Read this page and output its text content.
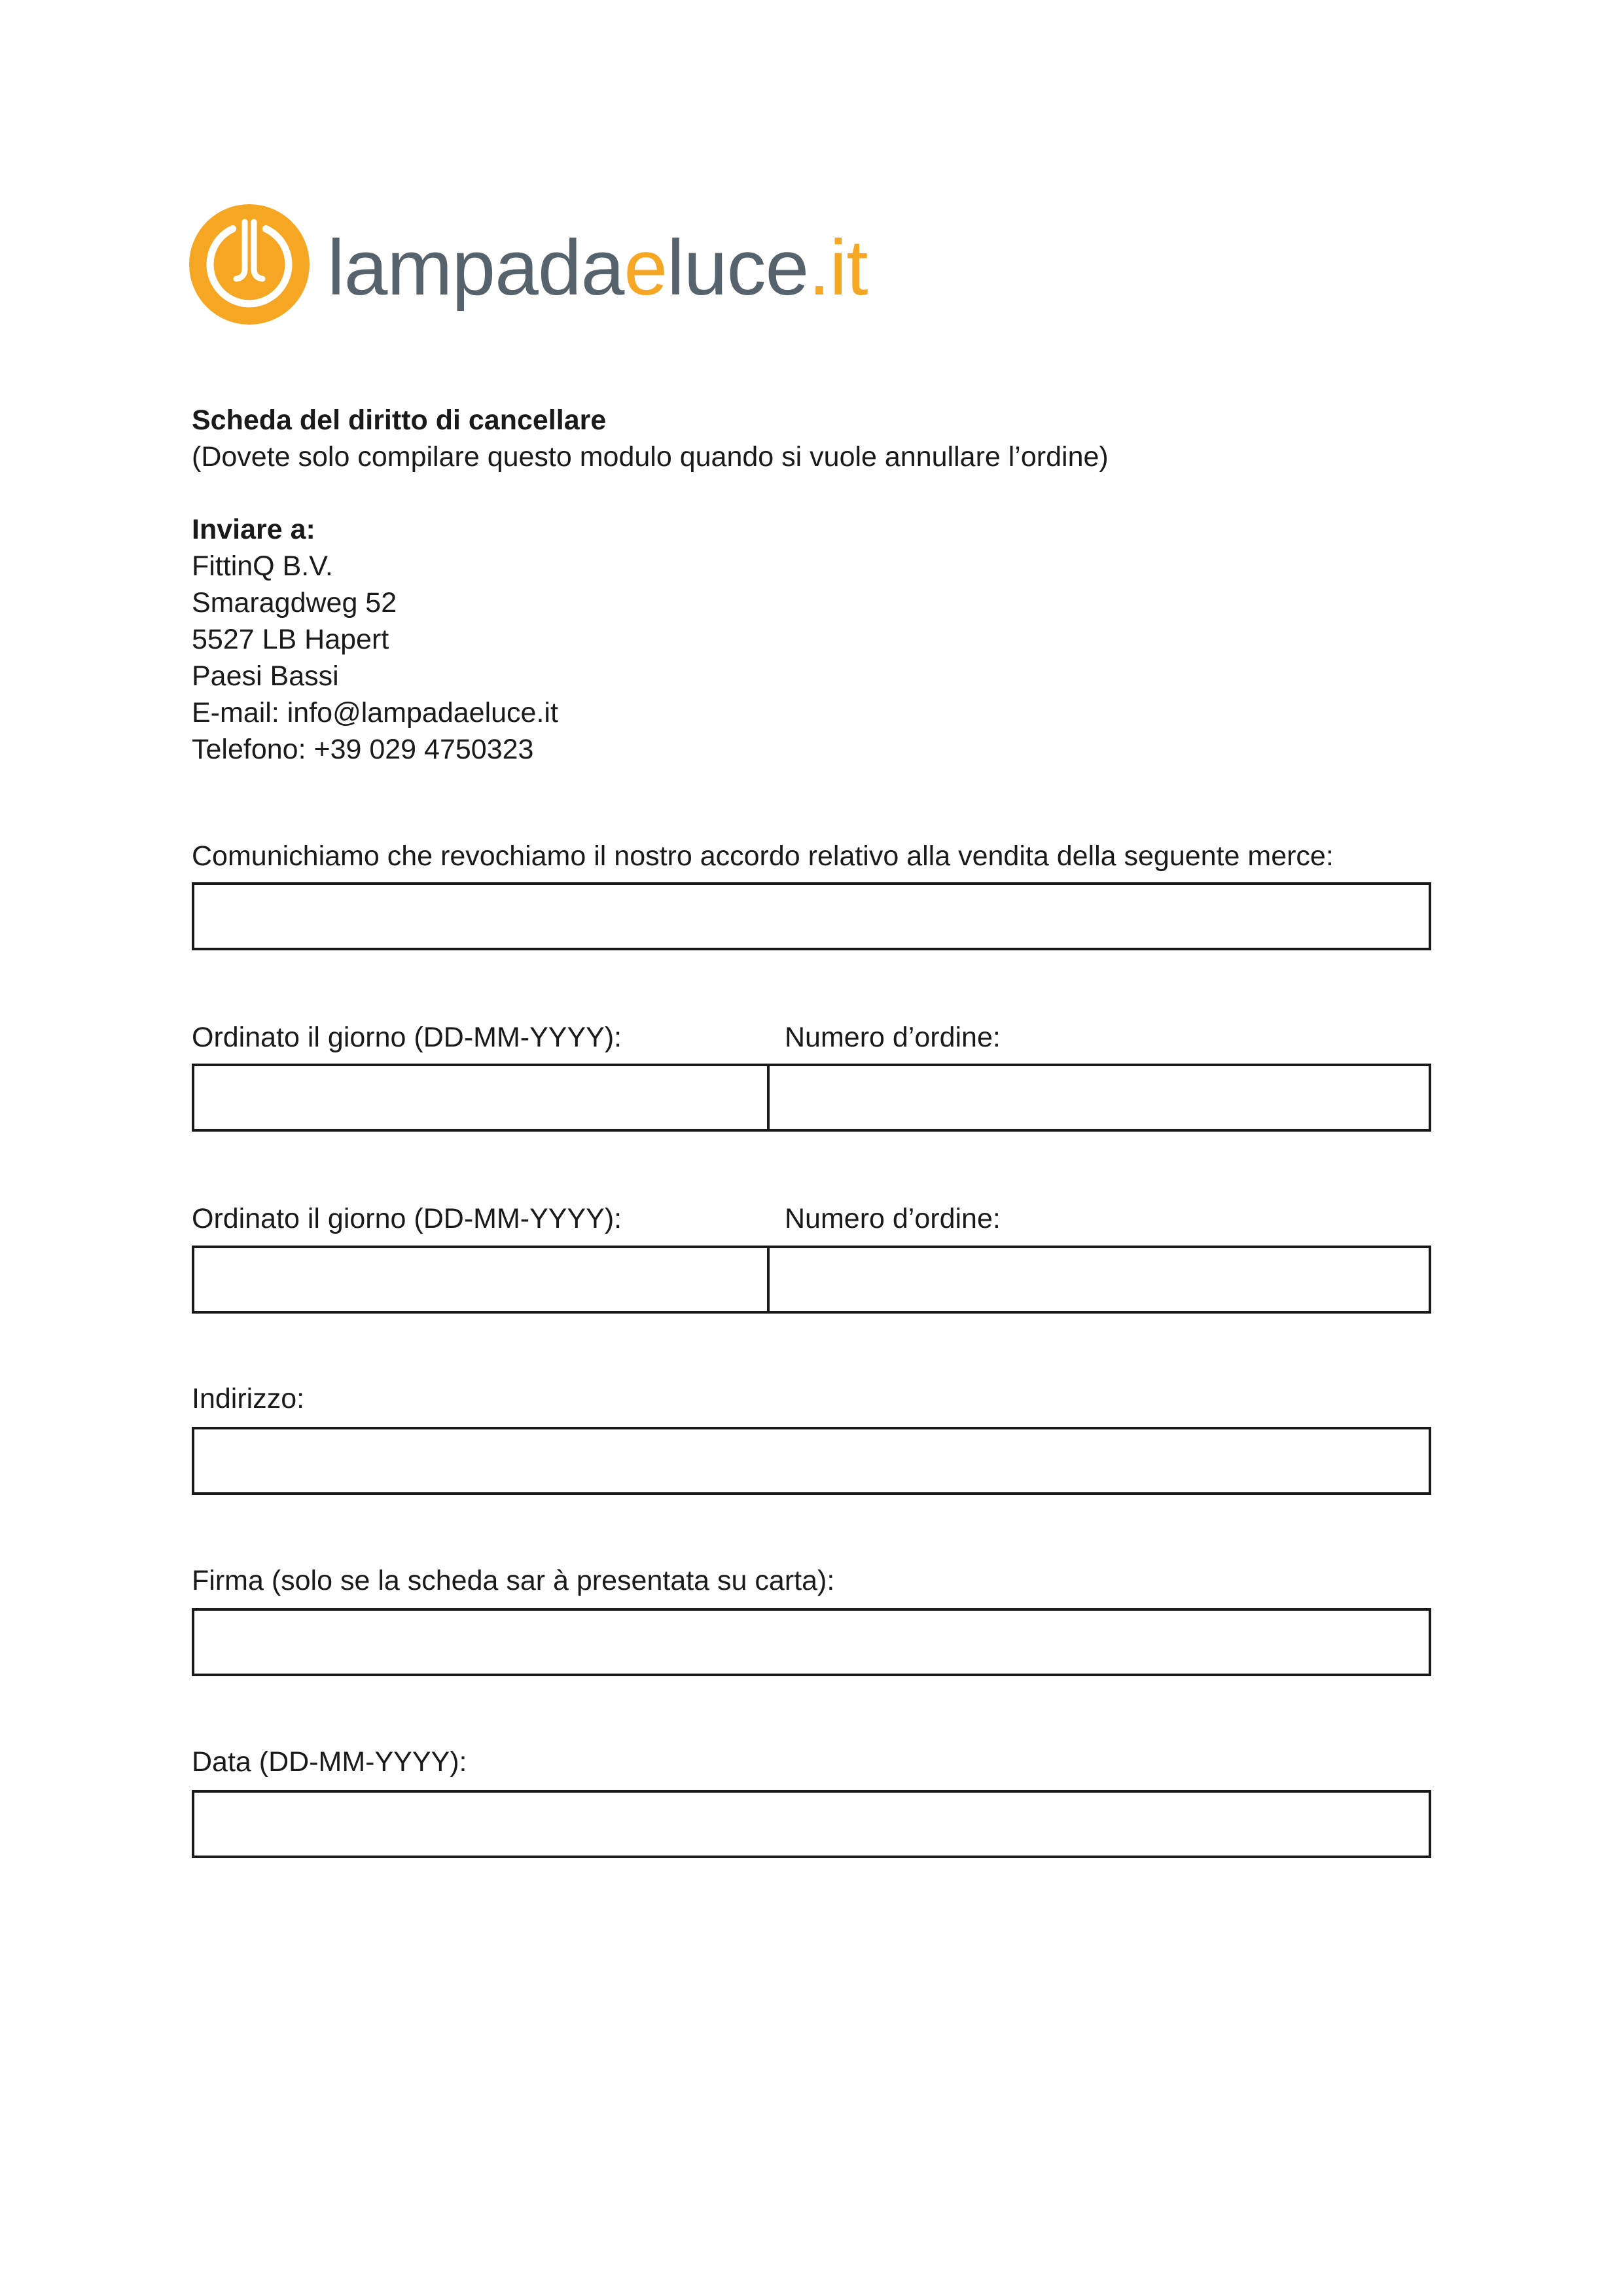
lampadaeluce.it
Scheda del diritto di cancellare
(Dovete solo compilare questo modulo quando si vuole annullare l’ordine)
Inviare a:
FittinQ B.V.
Smaragdweg 52
5527 LB Hapert
Paesi Bassi
E-mail: info@lampadaeluce.it
Telefono: +39 029 4750323
Comunichiamo che revochiamo il nostro accordo relativo alla vendita della seguente merce:
Ordinato il giorno (DD-MM-YYYY):	Numero d’ordine:
Ordinato il giorno (DD-MM-YYYY):	Numero d’ordine:
Indirizzo:
Firma (solo se la scheda sar à presentata su carta):
Data (DD-MM-YYYY):
